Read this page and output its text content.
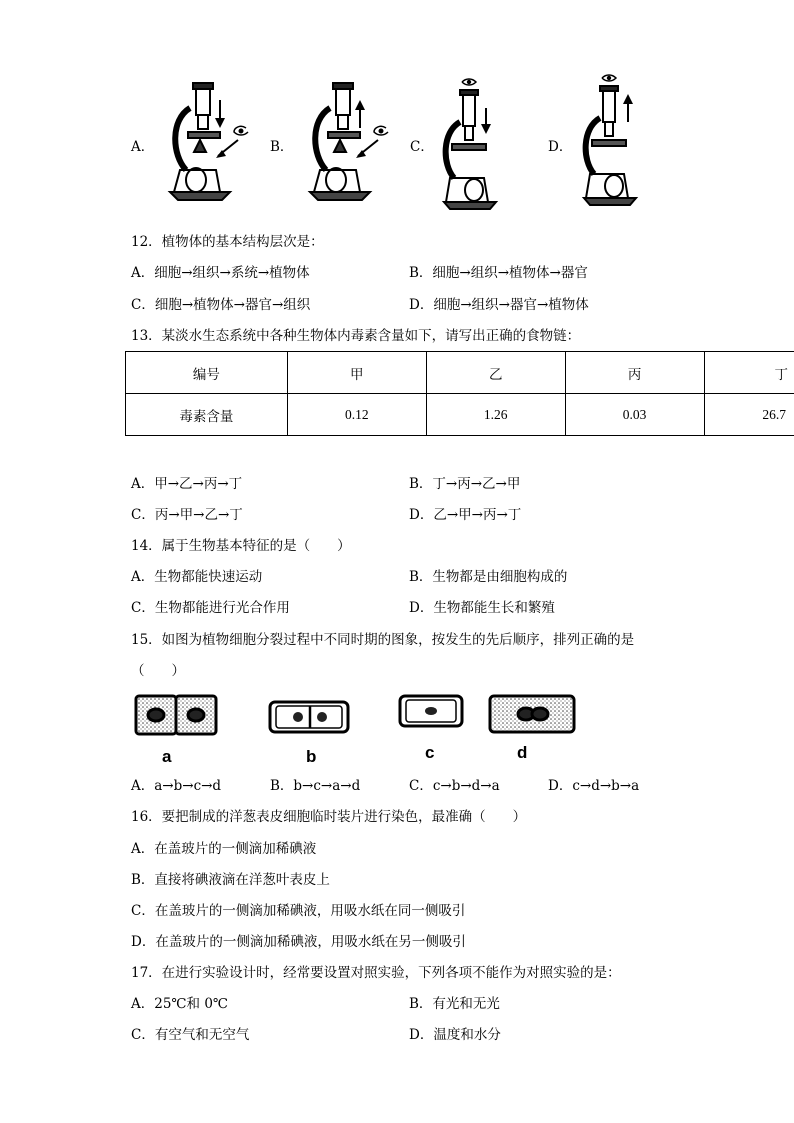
A．	B．	C．	D．
12．植物体的基本结构层次是：
A．细胞→组织→系统→植物体	B．细胞→组织→植物体→器官
C．细胞→植物体→器官→组织	D．细胞→组织→器官→植物体
13．某淡水生态系统中各种生物体内毒素含量如下，请写出正确的食物链：
编号	甲	乙	丙	丁
毒素含量	0.12	1.26	0.03	26.7
A．甲→乙→丙→丁	B．丁→丙→乙→甲
C．丙→甲→乙→丁	D．乙→甲→丙→丁
14．属于生物基本特征的是（　　）
A．生物都能快速运动	B．生物都是由细胞构成的
C．生物都能进行光合作用	D．生物都能生长和繁殖
15．如图为植物细胞分裂过程中不同时期的图象，按发生的先后顺序，排列正确的是
（　　）
a	b	c	d
A．a→b→c→d	B．b→c→a→d	C．c→b→d→a	D．c→d→b→a
16．要把制成的洋葱表皮细胞临时装片进行染色，最准确（　　）
A．在盖玻片的一侧滴加稀碘液
B．直接将碘液滴在洋葱叶表皮上
C．在盖玻片的一侧滴加稀碘液，用吸水纸在同一侧吸引
D．在盖玻片的一侧滴加稀碘液，用吸水纸在另一侧吸引
17．在进行实验设计时，经常要设置对照实验，下列各项不能作为对照实验的是：
A．25℃和 0℃	B．有光和无光
C．有空气和无空气	D．温度和水分
